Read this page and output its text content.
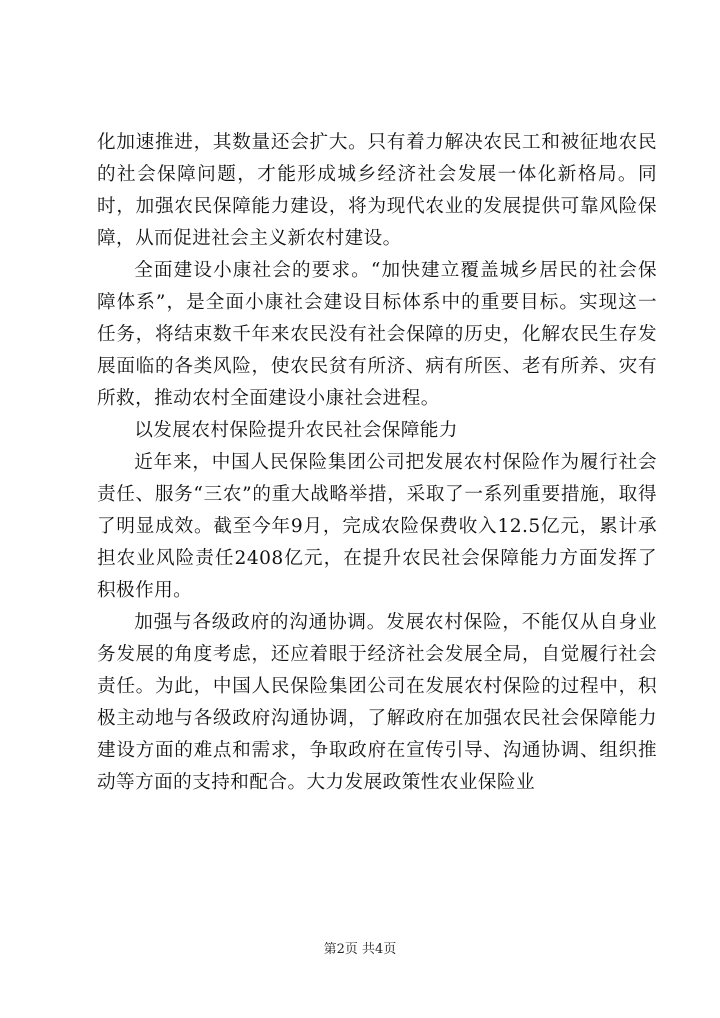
化加速推进，其数量还会扩大。只有着力解决农民工和被征地农民的社会保障问题，才能形成城乡经济社会发展一体化新格局。同时，加强农民保障能力建设，将为现代农业的发展提供可靠风险保障，从而促进社会主义新农村建设。

全面建设小康社会的要求。“加快建立覆盖城乡居民的社会保障体系”，是全面小康社会建设目标体系中的重要目标。实现这一任务，将结束数千年来农民没有社会保障的历史，化解农民生存发展面临的各类风险，使农民贫有所济、病有所医、老有所养、灾有所救，推动农村全面建设小康社会进程。

以发展农村保险提升农民社会保障能力

近年来，中国人民保险集团公司把发展农村保险作为履行社会责任、服务“三农”的重大战略举措，采取了一系列重要措施，取得了明显成效。截至今年9月，完成农险保费收入12.5亿元，累计承担农业风险责任2408亿元，在提升农民社会保障能力方面发挥了积极作用。

加强与各级政府的沟通协调。发展农村保险，不能仅从自身业务发展的角度考虑，还应着眼于经济社会发展全局，自觉履行社会责任。为此，中国人民保险集团公司在发展农村保险的过程中，积极主动地与各级政府沟通协调，了解政府在加强农民社会保障能力建设方面的难点和需求，争取政府在宣传引导、沟通协调、组织推动等方面的支持和配合。大力发展政策性农业保险业

第2页 共4页
